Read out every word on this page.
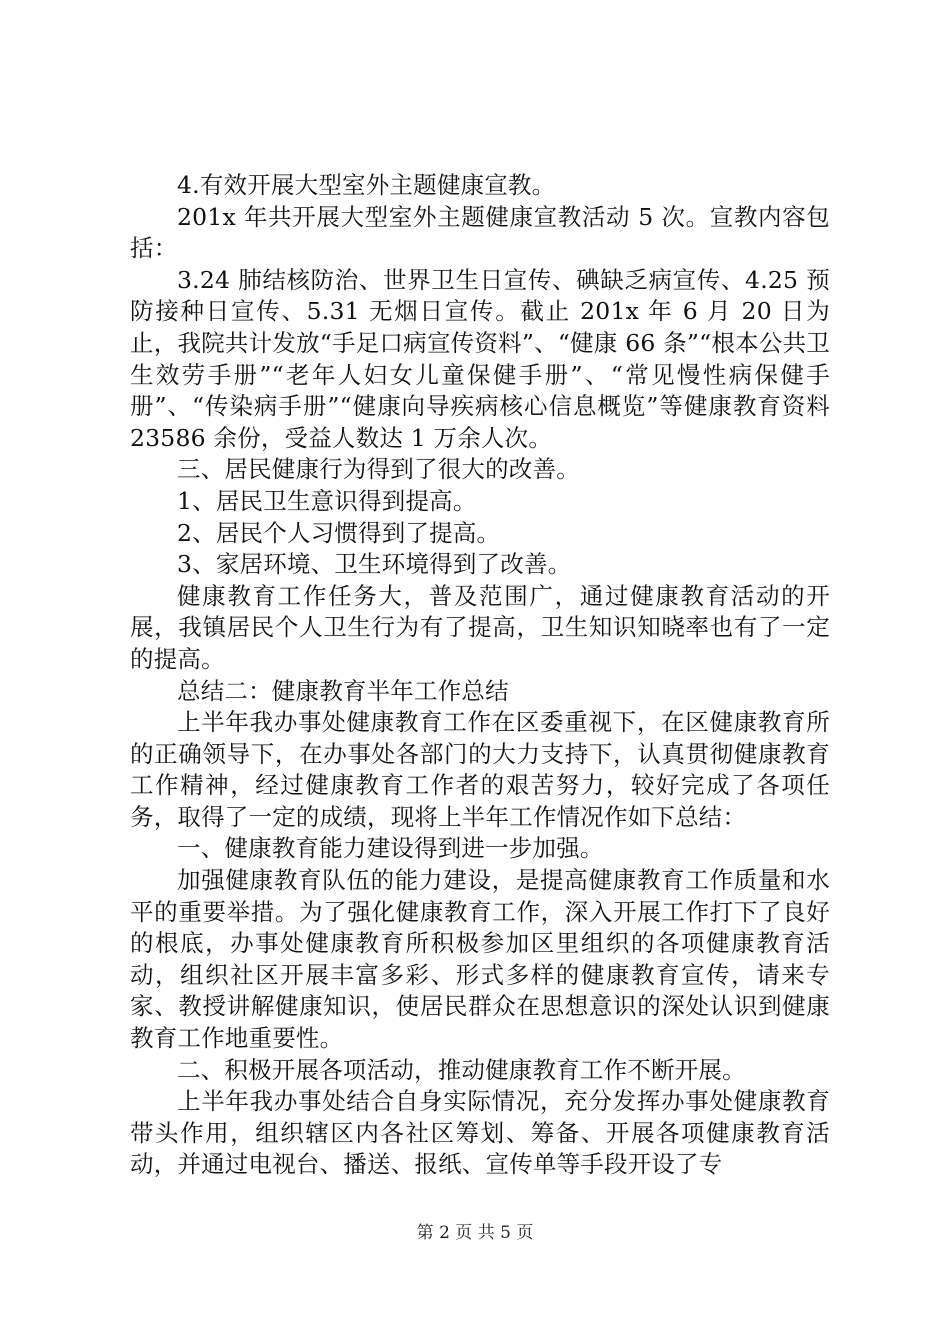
4.有效开展大型室外主题健康宣教。

201x 年共开展大型室外主题健康宣教活动 5 次。宣教内容包括：

3.24 肺结核防治、世界卫生日宣传、碘缺乏病宣传、4.25 预防接种日宣传、5.31 无烟日宣传。截止 201x 年 6 月 20 日为止，我院共计发放“手足口病宣传资料”、“健康 66 条”“根本公共卫生效劳手册”“老年人妇女儿童保健手册”、“常见慢性病保健手册”、“传染病手册”“健康向导疾病核心信息概览”等健康教育资料 23586 余份，受益人数达 1 万余人次。

三、居民健康行为得到了很大的改善。

1、居民卫生意识得到提高。

2、居民个人习惯得到了提高。

3、家居环境、卫生环境得到了改善。

健康教育工作任务大，普及范围广，通过健康教育活动的开展，我镇居民个人卫生行为有了提高，卫生知识知晓率也有了一定的提高。

总结二：健康教育半年工作总结

上半年我办事处健康教育工作在区委重视下，在区健康教育所的正确领导下，在办事处各部门的大力支持下，认真贯彻健康教育工作精神，经过健康教育工作者的艰苦努力，较好完成了各项任务，取得了一定的成绩，现将上半年工作情况作如下总结：

一、健康教育能力建设得到进一步加强。

加强健康教育队伍的能力建设，是提高健康教育工作质量和水平的重要举措。为了强化健康教育工作，深入开展工作打下了良好的根底，办事处健康教育所积极参加区里组织的各项健康教育活动，组织社区开展丰富多彩、形式多样的健康教育宣传，请来专家、教授讲解健康知识，使居民群众在思想意识的深处认识到健康教育工作地重要性。

二、积极开展各项活动，推动健康教育工作不断开展。

上半年我办事处结合自身实际情况，充分发挥办事处健康教育带头作用，组织辖区内各社区筹划、筹备、开展各项健康教育活动，并通过电视台、播送、报纸、宣传单等手段开设了专

第 2 页 共 5 页
